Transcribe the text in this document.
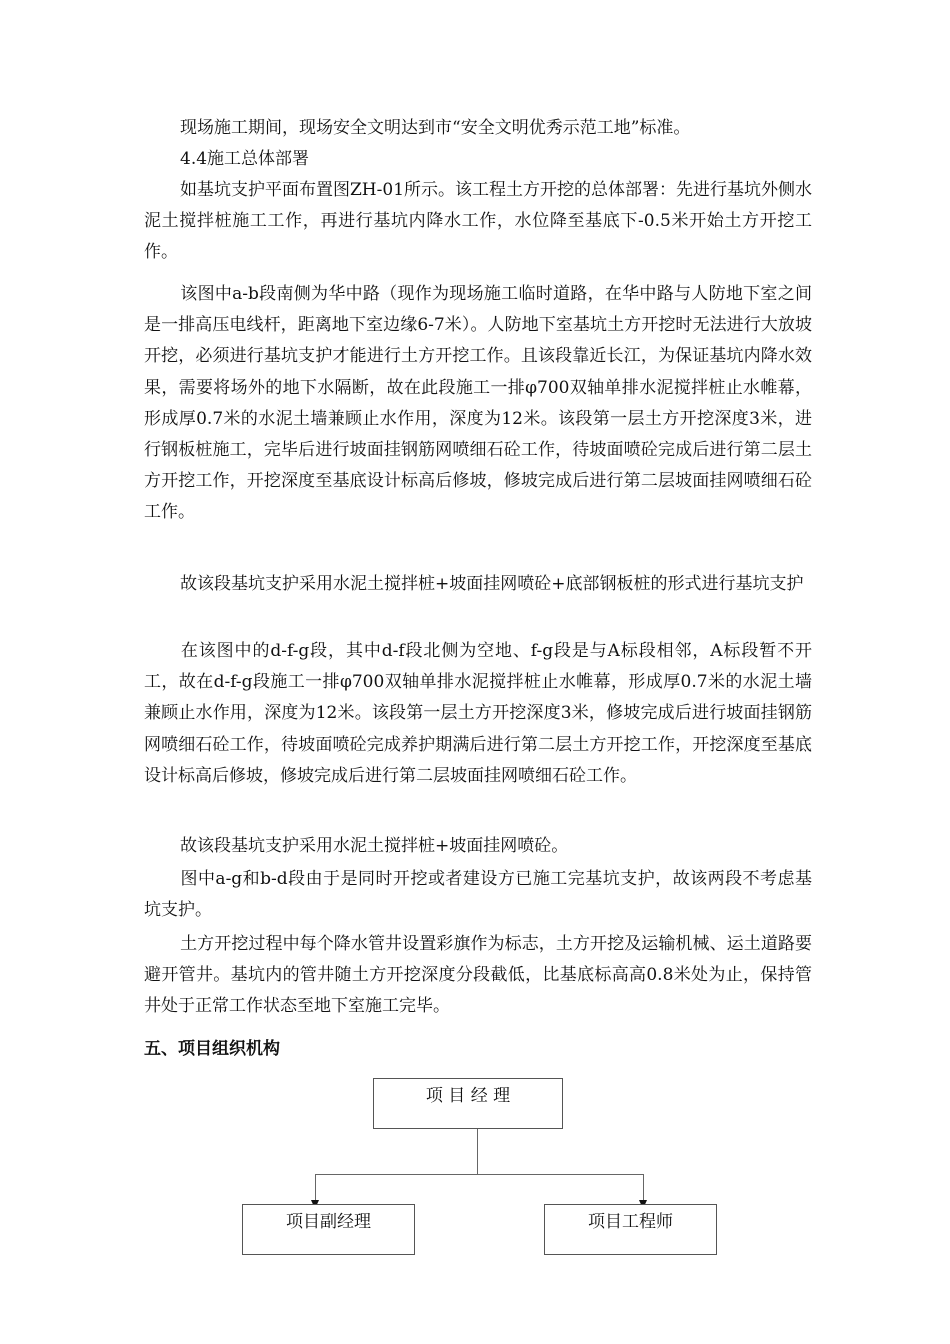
现场施工期间，现场安全文明达到市“安全文明优秀示范工地”标准。

4.4施工总体部署

如基坑支护平面布置图ZH-01所示。该工程土方开挖的总体部署：先进行基坑外侧水泥土搅拌桩施工工作，再进行基坑内降水工作，水位降至基底下-0.5米开始土方开挖工作。

该图中a-b段南侧为华中路（现作为现场施工临时道路，在华中路与人防地下室之间是一排高压电线杆，距离地下室边缘6-7米）。人防地下室基坑土方开挖时无法进行大放坡开挖，必须进行基坑支护才能进行土方开挖工作。且该段靠近长江，为保证基坑内降水效果，需要将场外的地下水隔断，故在此段施工一排φ700双轴单排水泥搅拌桩止水帷幕，形成厚0.7米的水泥土墙兼顾止水作用，深度为12米。该段第一层土方开挖深度3米，进行钢板桩施工，完毕后进行坡面挂钢筋网喷细石砼工作，待坡面喷砼完成后进行第二层土方开挖工作，开挖深度至基底设计标高后修坡，修坡完成后进行第二层坡面挂网喷细石砼工作。

故该段基坑支护采用水泥土搅拌桩+坡面挂网喷砼+底部钢板桩的形式进行基坑支护

在该图中的d-f-g段，其中d-f段北侧为空地、f-g段是与A标段相邻，A标段暂不开工，故在d-f-g段施工一排φ700双轴单排水泥搅拌桩止水帷幕，形成厚0.7米的水泥土墙兼顾止水作用，深度为12米。该段第一层土方开挖深度3米，修坡完成后进行坡面挂钢筋网喷细石砼工作，待坡面喷砼完成养护期满后进行第二层土方开挖工作，开挖深度至基底设计标高后修坡，修坡完成后进行第二层坡面挂网喷细石砼工作。

故该段基坑支护采用水泥土搅拌桩+坡面挂网喷砼。

图中a-g和b-d段由于是同时开挖或者建设方已施工完基坑支护，故该两段不考虑基坑支护。

土方开挖过程中每个降水管井设置彩旗作为标志，土方开挖及运输机械、运土道路要避开管井。基坑内的管井随土方开挖深度分段截低，比基底标高高0.8米处为止，保持管井处于正常工作状态至地下室施工完毕。

五、项目组织机构

项 目 经 理
项目副经理	项目工程师
